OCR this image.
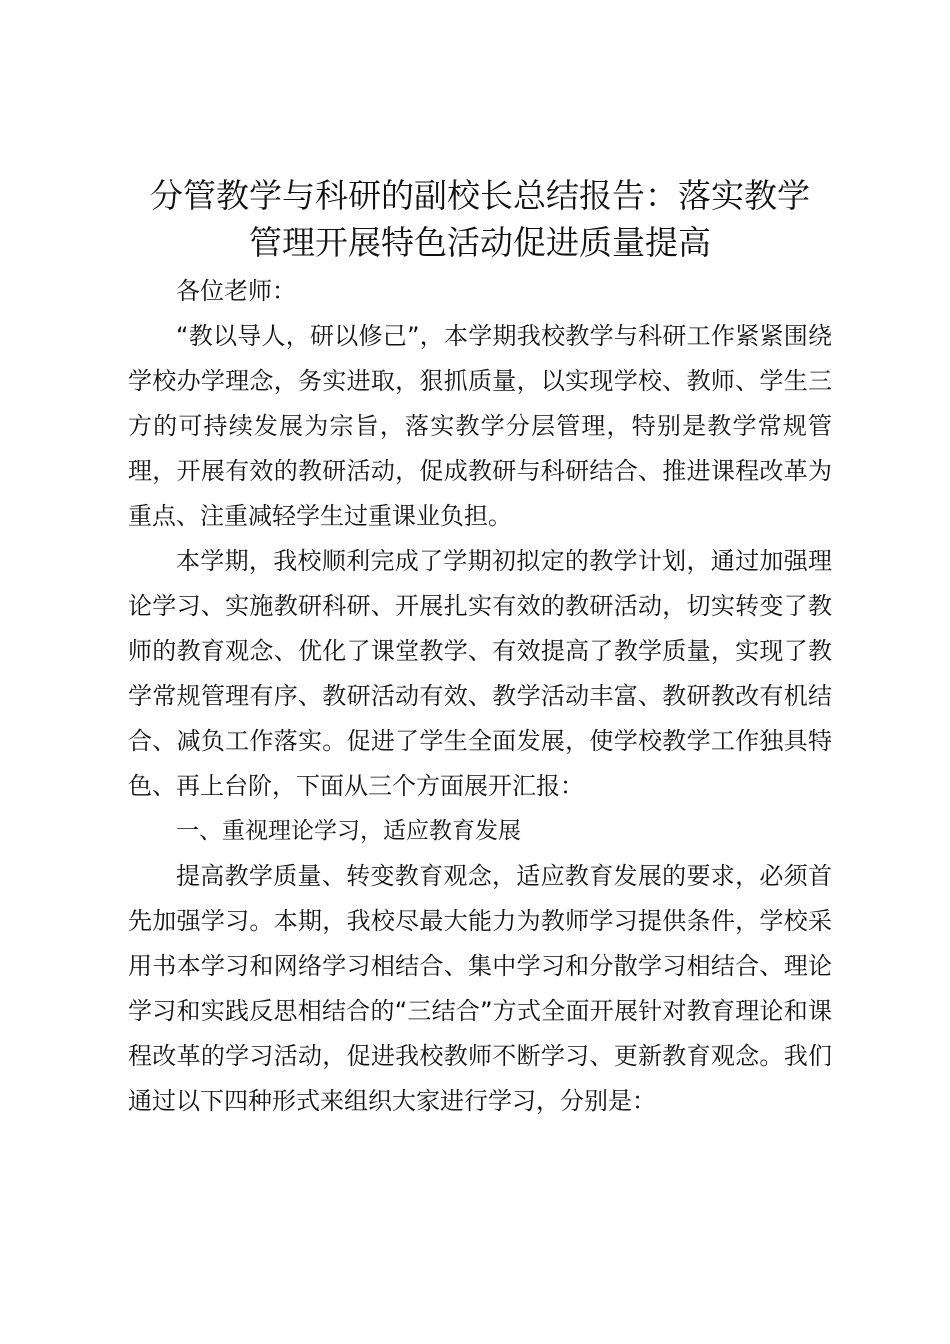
分管教学与科研的副校长总结报告：落实教学
管理开展特色活动促进质量提高

各位老师：

“教以导人，研以修己”，本学期我校教学与科研工作紧紧围绕学校办学理念，务实进取，狠抓质量，以实现学校、教师、学生三方的可持续发展为宗旨，落实教学分层管理，特别是教学常规管理，开展有效的教研活动，促成教研与科研结合、推进课程改革为重点、注重减轻学生过重课业负担。

本学期，我校顺利完成了学期初拟定的教学计划，通过加强理论学习、实施教研科研、开展扎实有效的教研活动，切实转变了教师的教育观念、优化了课堂教学、有效提高了教学质量，实现了教学常规管理有序、教研活动有效、教学活动丰富、教研教改有机结合、减负工作落实。促进了学生全面发展，使学校教学工作独具特色、再上台阶，下面从三个方面展开汇报：

一、重视理论学习，适应教育发展

提高教学质量、转变教育观念，适应教育发展的要求，必须首先加强学习。本期，我校尽最大能力为教师学习提供条件，学校采用书本学习和网络学习相结合、集中学习和分散学习相结合、理论学习和实践反思相结合的“三结合”方式全面开展针对教育理论和课程改革的学习活动，促进我校教师不断学习、更新教育观念。我们通过以下四种形式来组织大家进行学习，分别是：
